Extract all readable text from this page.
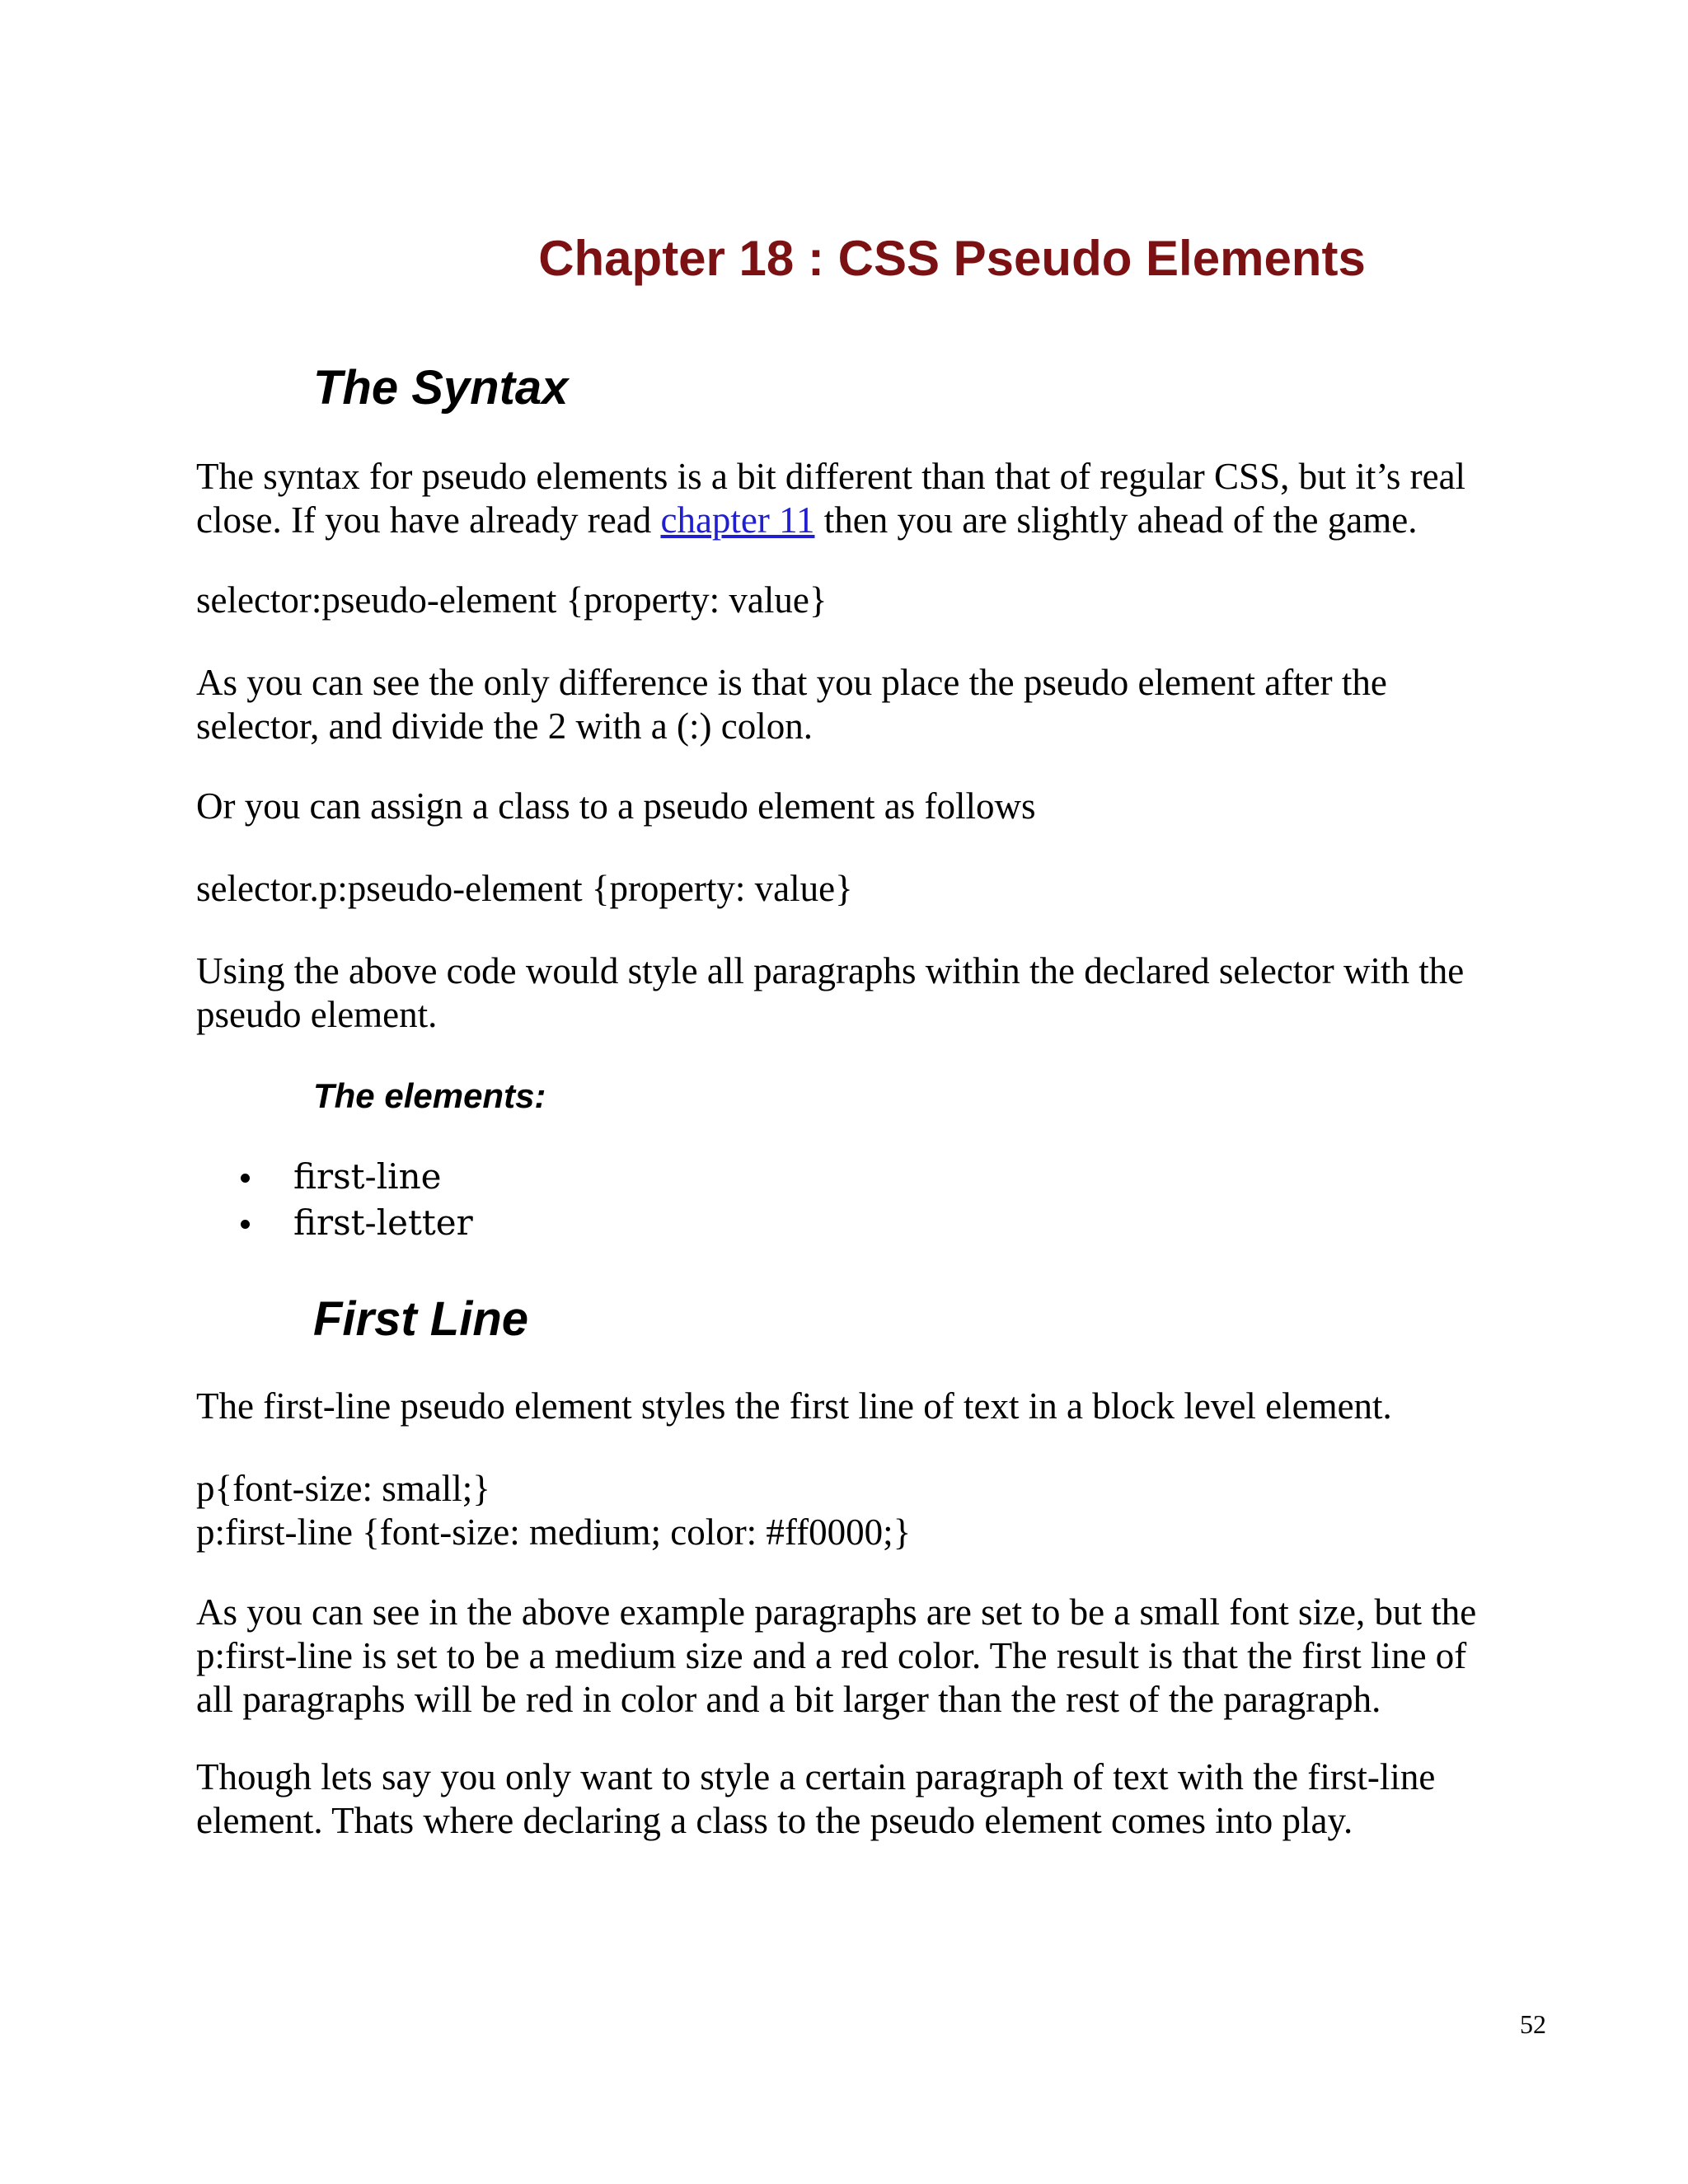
Chapter 18 : CSS Pseudo Elements
The Syntax

The syntax for pseudo elements is a bit different than that of regular CSS, but it’s real
close. If you have already read chapter 11 then you are slightly ahead of the game.

selector:pseudo-element {property: value}

As you can see the only difference is that you place the pseudo element after the
selector, and divide the 2 with a (:) colon.

Or you can assign a class to a pseudo element as follows

selector.p:pseudo-element {property: value}

Using the above code would style all paragraphs within the declared selector with the
pseudo element.

The elements:
first-line
first-letter
First Line

The first-line pseudo element styles the first line of text in a block level element.

p{font-size: small;}
p:first-line {font-size: medium; color: #ff0000;}

As you can see in the above example paragraphs are set to be a small font size, but the
p:first-line is set to be a medium size and a red color. The result is that the first line of
all paragraphs will be red in color and a bit larger than the rest of the paragraph.

Though lets say you only want to style a certain paragraph of text with the first-line
element. Thats where declaring a class to the pseudo element comes into play.

52
